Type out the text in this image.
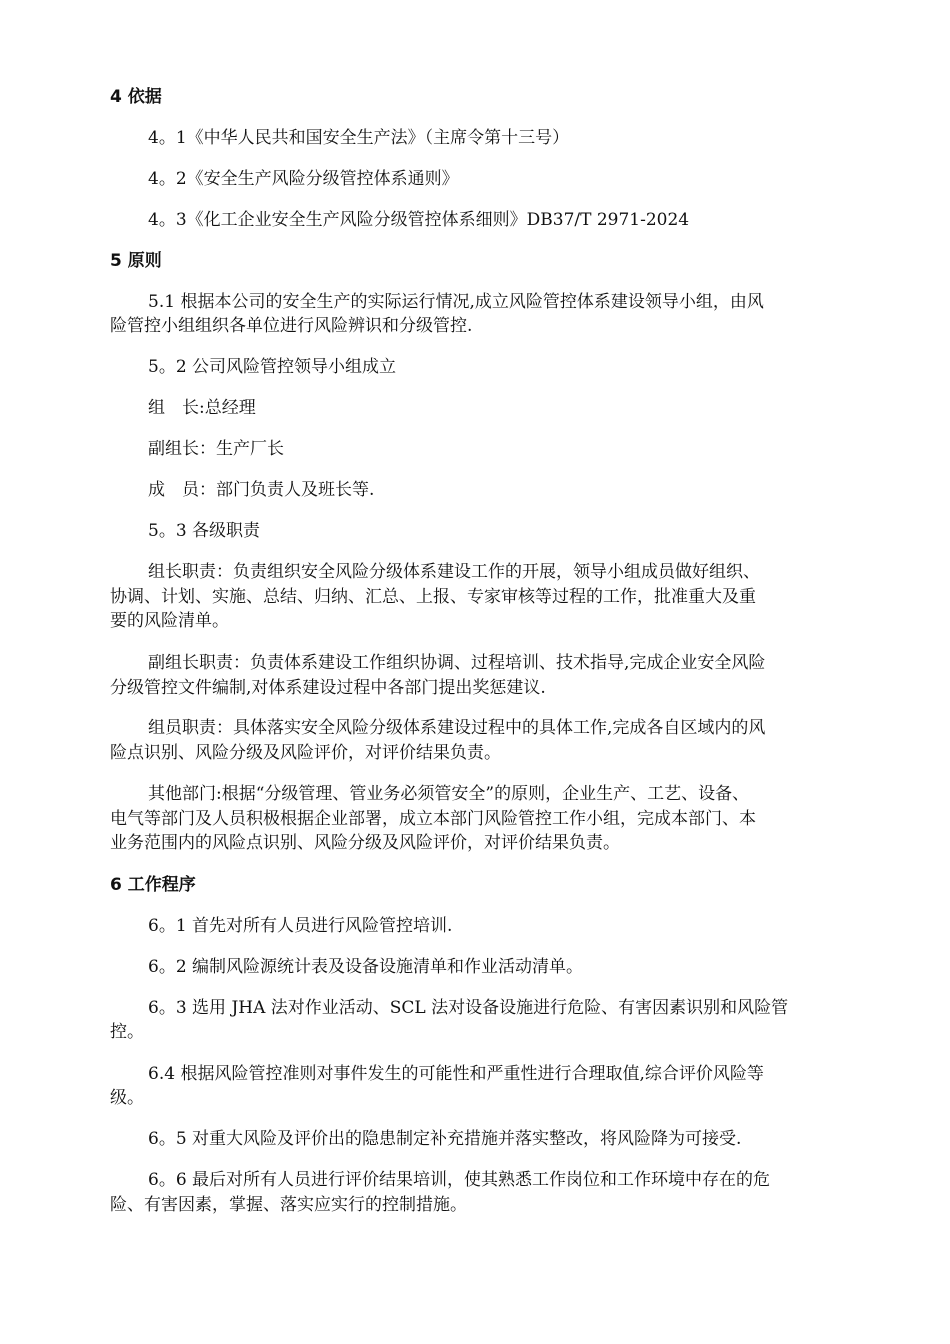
4 依据
4。1《中华人民共和国安全生产法》（主席令第十三号）
4。2《安全生产风险分级管控体系通则》
4。3《化工企业安全生产风险分级管控体系细则》DB37/T 2971-2024
5 原则
5.1 根据本公司的安全生产的实际运行情况,成立风险管控体系建设领导小组，由风
险管控小组组织各单位进行风险辨识和分级管控.
5。2 公司风险管控领导小组成立
组　长:总经理
副组长：生产厂长
成　员：部门负责人及班长等.
5。3 各级职责
组长职责：负责组织安全风险分级体系建设工作的开展，领导小组成员做好组织、
协调、计划、实施、总结、归纳、汇总、上报、专家审核等过程的工作，批准重大及重
要的风险清单。
副组长职责：负责体系建设工作组织协调、过程培训、技术指导,完成企业安全风险
分级管控文件编制,对体系建设过程中各部门提出奖惩建议.
组员职责：具体落实安全风险分级体系建设过程中的具体工作,完成各自区域内的风
险点识别、风险分级及风险评价，对评价结果负责。
其他部门:根据“分级管理、管业务必须管安全”的原则，企业生产、工艺、设备、
电气等部门及人员积极根据企业部署，成立本部门风险管控工作小组，完成本部门、本
业务范围内的风险点识别、风险分级及风险评价，对评价结果负责。
6 工作程序
6。1 首先对所有人员进行风险管控培训.
6。2 编制风险源统计表及设备设施清单和作业活动清单。
6。3 选用 JHA 法对作业活动、SCL 法对设备设施进行危险、有害因素识别和风险管
控。
6.4 根据风险管控准则对事件发生的可能性和严重性进行合理取值,综合评价风险等
级。
6。5 对重大风险及评价出的隐患制定补充措施并落实整改，将风险降为可接受.
6。6 最后对所有人员进行评价结果培训，使其熟悉工作岗位和工作环境中存在的危
险、有害因素，掌握、落实应实行的控制措施。
